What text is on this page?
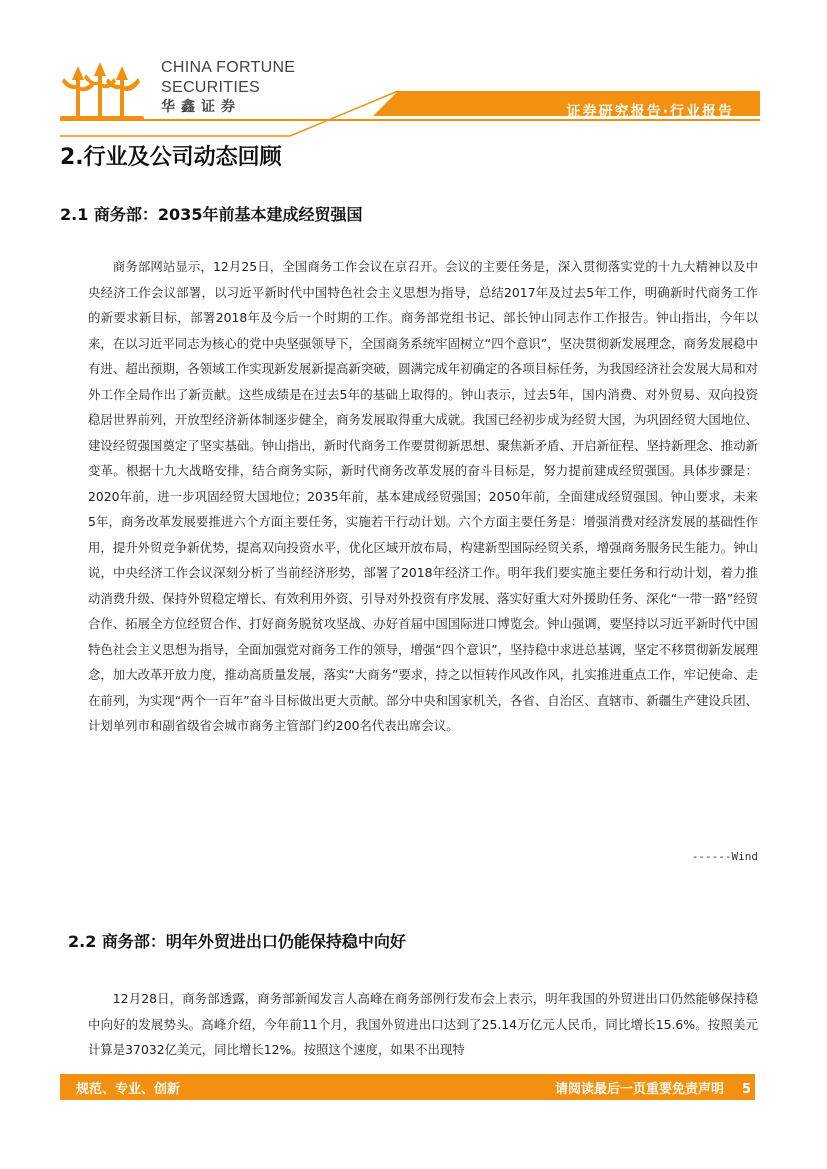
CHINA FORTUNE
SECURITIES
华鑫证券	证券研究报告·行业报告
2.行业及公司动态回顾
2.1 商务部：2035年前基本建成经贸强国

商务部网站显示，12月25日，全国商务工作会议在京召开。会议的主要任务是，深入贯彻落实党的十九大精神以及中央经济工作会议部署，以习近平新时代中国特色社会主义思想为指导，总结2017年及过去5年工作，明确新时代商务工作的新要求新目标，部署2018年及今后一个时期的工作。商务部党组书记、部长钟山同志作工作报告。钟山指出，今年以来，在以习近平同志为核心的党中央坚强领导下，全国商务系统牢固树立“四个意识”，坚决贯彻新发展理念，商务发展稳中有进、超出预期，各领域工作实现新发展新提高新突破，圆满完成年初确定的各项目标任务，为我国经济社会发展大局和对外工作全局作出了新贡献。这些成绩是在过去5年的基础上取得的。钟山表示，过去5年，国内消费、对外贸易、双向投资稳居世界前列，开放型经济新体制逐步健全，商务发展取得重大成就。我国已经初步成为经贸大国，为巩固经贸大国地位、建设经贸强国奠定了坚实基础。钟山指出，新时代商务工作要贯彻新思想、聚焦新矛盾、开启新征程、坚持新理念、推动新变革。根据十九大战略安排，结合商务实际，新时代商务改革发展的奋斗目标是，努力提前建成经贸强国。具体步骤是：2020年前，进一步巩固经贸大国地位；2035年前，基本建成经贸强国；2050年前，全面建成经贸强国。钟山要求，未来5年，商务改革发展要推进六个方面主要任务，实施若干行动计划。六个方面主要任务是：增强消费对经济发展的基础性作用，提升外贸竞争新优势，提高双向投资水平，优化区域开放布局，构建新型国际经贸关系，增强商务服务民生能力。钟山说，中央经济工作会议深刻分析了当前经济形势，部署了2018年经济工作。明年我们要实施主要任务和行动计划，着力推动消费升级、保持外贸稳定增长、有效利用外资、引导对外投资有序发展、落实好重大对外援助任务、深化“一带一路”经贸合作、拓展全方位经贸合作、打好商务脱贫攻坚战、办好首届中国国际进口博览会。钟山强调，要坚持以习近平新时代中国特色社会主义思想为指导，全面加强党对商务工作的领导，增强“四个意识”，坚持稳中求进总基调，坚定不移贯彻新发展理念，加大改革开放力度，推动高质量发展，落实“大商务”要求，持之以恒转作风改作风，扎实推进重点工作，牢记使命、走在前列，为实现“两个一百年”奋斗目标做出更大贡献。部分中央和国家机关，各省、自治区、直辖市、新疆生产建设兵团、计划单列市和副省级省会城市商务主管部门约200名代表出席会议。

------Wind
2.2 商务部：明年外贸进出口仍能保持稳中向好

12月28日，商务部透露，商务部新闻发言人高峰在商务部例行发布会上表示，明年我国的外贸进出口仍然能够保持稳中向好的发展势头。高峰介绍，今年前11个月，我国外贸进出口达到了25.14万亿元人民币，同比增长15.6%。按照美元计算是37032亿美元，同比增长12%。按照这个速度，如果不出现特

规范、专业、创新	请阅读最后一页重要免责声明 5
